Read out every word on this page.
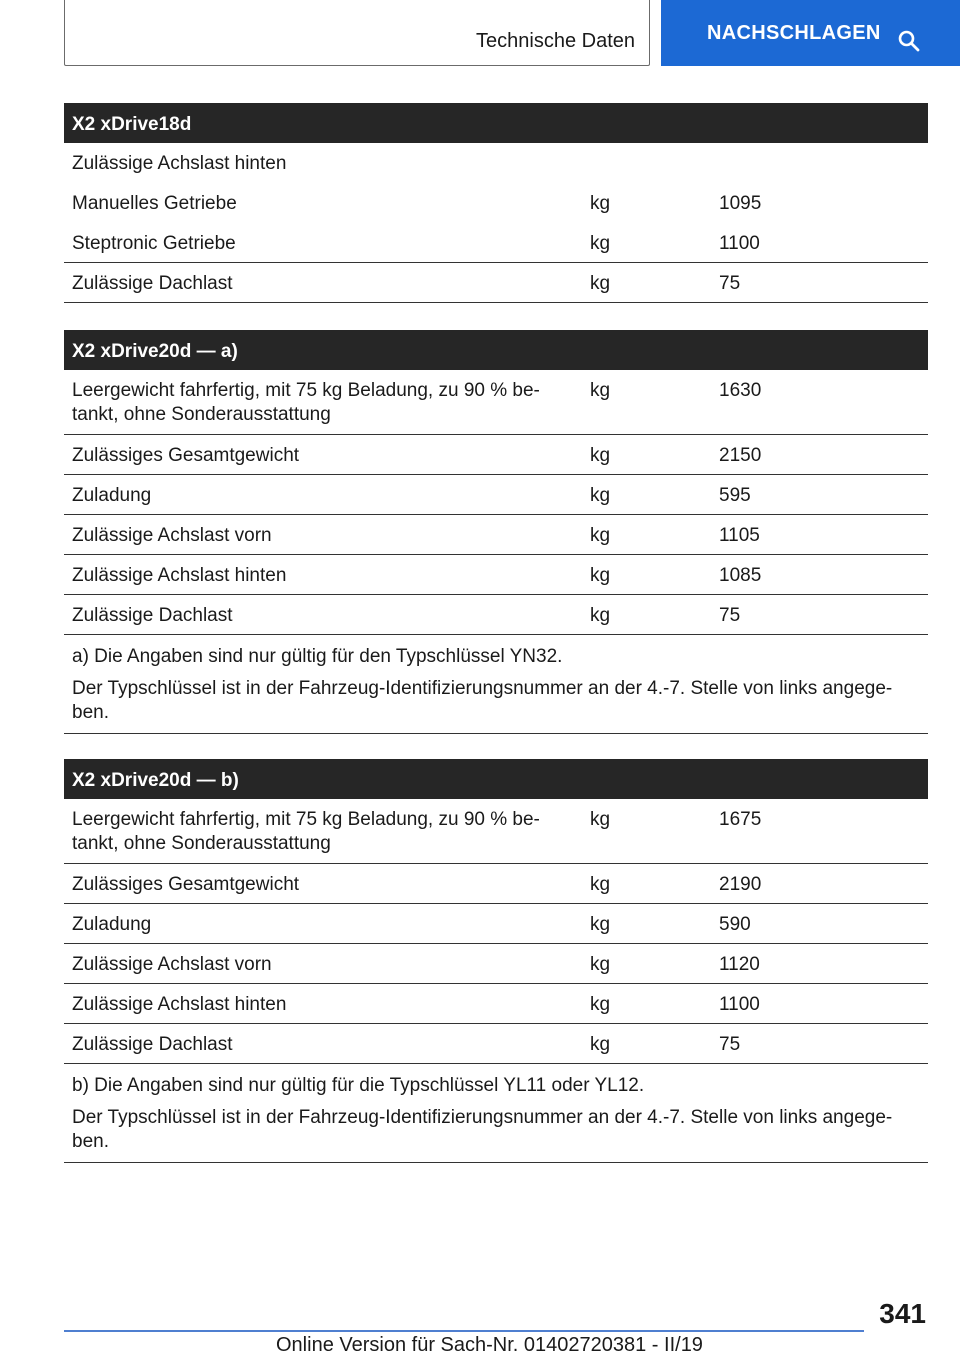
Technische Daten	NACHSCHLAGEN
X2 xDrive18d
Zulässige Achslast hinten
Manuelles Getriebe	kg	1095
Steptronic Getriebe	kg	1100
Zulässige Dachlast	kg	75
X2 xDrive20d — a)
Leergewicht fahrfertig, mit 75 kg Beladung, zu 90 % be-
tankt, ohne Sonderausstattung
kg	1630
Zulässiges Gesamtgewicht	kg	2150
Zuladung	kg	595
Zulässige Achslast vorn	kg	1105
Zulässige Achslast hinten	kg	1085
Zulässige Dachlast	kg	75

a) Die Angaben sind nur gültig für den Typschlüssel YN32.

Der Typschlüssel ist in der Fahrzeug-Identifizierungsnummer an der 4.-7. Stelle von links angege-
ben.

X2 xDrive20d — b)
Leergewicht fahrfertig, mit 75 kg Beladung, zu 90 % be-
tankt, ohne Sonderausstattung
kg	1675
Zulässiges Gesamtgewicht	kg	2190
Zuladung	kg	590
Zulässige Achslast vorn	kg	1120
Zulässige Achslast hinten	kg	1100
Zulässige Dachlast	kg	75

b) Die Angaben sind nur gültig für die Typschlüssel YL11 oder YL12.

Der Typschlüssel ist in der Fahrzeug-Identifizierungsnummer an der 4.-7. Stelle von links angege-
ben.

341
Online Version für Sach-Nr. 01402720381 - II/19
